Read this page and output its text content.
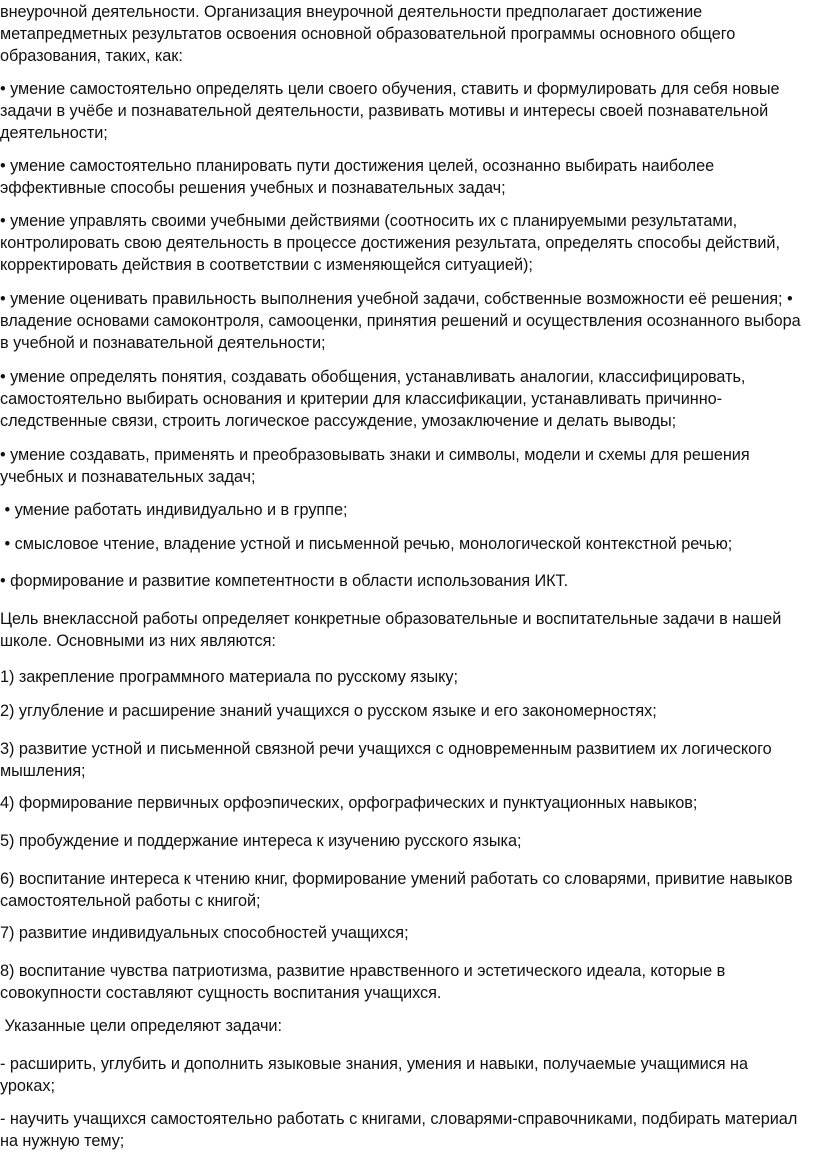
внеурочной деятельности. Организация внеурочной деятельности предполагает достижение
метапредметных результатов освоения основной образовательной программы основного общего
образования, таких, как:

• умение самостоятельно определять цели своего обучения, ставить и формулировать для себя новые
задачи в учёбе и познавательной деятельности, развивать мотивы и интересы своей познавательной
деятельности;

• умение самостоятельно планировать пути достижения целей, осознанно выбирать наиболее
эффективные способы решения учебных и познавательных задач;

• умение управлять своими учебными действиями (соотносить их с планируемыми результатами,
контролировать свою деятельность в процессе достижения результата, определять способы действий,
корректировать действия в соответствии с изменяющейся ситуацией);

• умение оценивать правильность выполнения учебной задачи, собственные возможности её решения; •
владение основами самоконтроля, самооценки, принятия решений и осуществления осознанного выбора
в учебной и познавательной деятельности;

• умение определять понятия, создавать обобщения, устанавливать аналогии, классифицировать,
самостоятельно выбирать основания и критерии для классификации, устанавливать причинно-
следственные связи, строить логическое рассуждение, умозаключение и делать выводы;

• умение создавать, применять и преобразовывать знаки и символы, модели и схемы для решения
учебных и познавательных задач;

• умение работать индивидуально и в группе;

• смысловое чтение, владение устной и письменной речью, монологической контекстной речью;

• формирование и развитие компетентности в области использования ИКТ.

Цель внеклассной работы определяет конкретные образовательные и воспитательные задачи в нашей
школе. Основными из них являются:

1) закрепление программного материала по русскому языку;

2) углубление и расширение знаний учащихся о русском языке и его закономерностях;

3) развитие устной и письменной связной речи учащихся с одновременным развитием их логического
мышления;

4) формирование первичных орфоэпических, орфографических и пунктуационных навыков;

5) пробуждение и поддержание интереса к изучению русского языка;

6) воспитание интереса к чтению книг, формирование умений работать со словарями, привитие навыков
самостоятельной работы с книгой;

7) развитие индивидуальных способностей учащихся;

8) воспитание чувства патриотизма, развитие нравственного и эстетического идеала, которые в
совокупности составляют сущность воспитания учащихся.

Указанные цели определяют задачи:

- расширить, углубить и дополнить языковые знания, умения и навыки, получаемые учащимися на
уроках;

- научить учащихся самостоятельно работать с книгами, словарями-справочниками, подбирать материал
на нужную тему;
